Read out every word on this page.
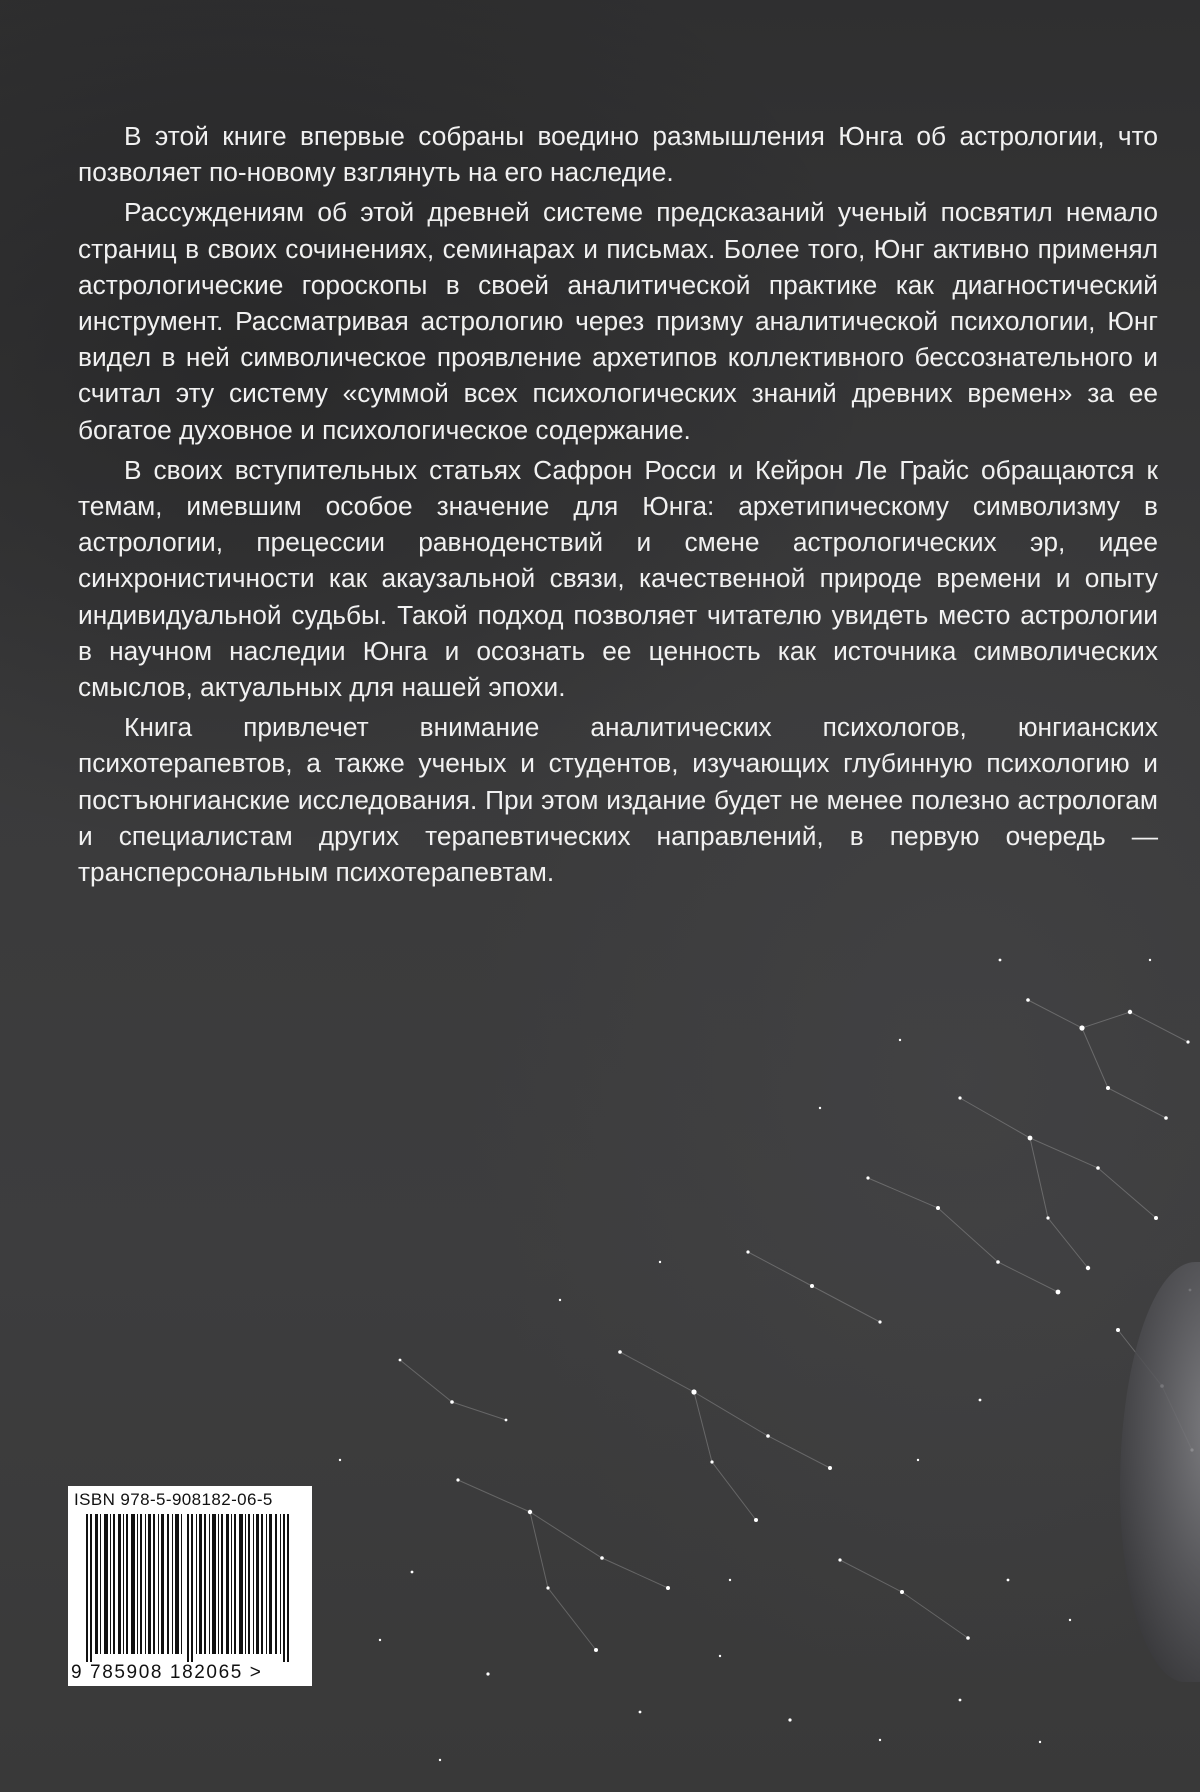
В этой книге впервые собраны воедино размышления Юнга об астрологии, что позволяет по-новому взглянуть на его наследие.

Рассуждениям об этой древней системе предсказаний ученый посвятил немало страниц в своих сочинениях, семинарах и письмах. Более того, Юнг активно применял астрологические гороскопы в своей аналитической практике как диагностический инструмент. Рассматривая астрологию через призму аналитической психологии, Юнг видел в ней символическое проявление архетипов коллективного бессознательного и считал эту систему «суммой всех психологических знаний древних времен» за ее богатое духовное и психологическое содержание.

В своих вступительных статьях Сафрон Росси и Кейрон Ле Грайс обращаются к темам, имевшим особое значение для Юнга: архетипическому символизму в астрологии, прецессии равноденствий и смене астрологических эр, идее синхронистичности как акаузальной связи, качественной природе времени и опыту индивидуальной судьбы. Такой подход позволяет читателю увидеть место астрологии в научном наследии Юнга и осознать ее ценность как источника символических смыслов, актуальных для нашей эпохи.

Книга привлечет внимание аналитических психологов, юнгианских психотерапевтов, а также ученых и студентов, изучающих глубинную психологию и постъюнгианские исследования. При этом издание будет не менее полезно астрологам и специалистам других терапевтических направлений, в первую очередь — трансперсональным психотерапевтам.

ISBN 978-5-908182-06-5
9 785908 182065 >
